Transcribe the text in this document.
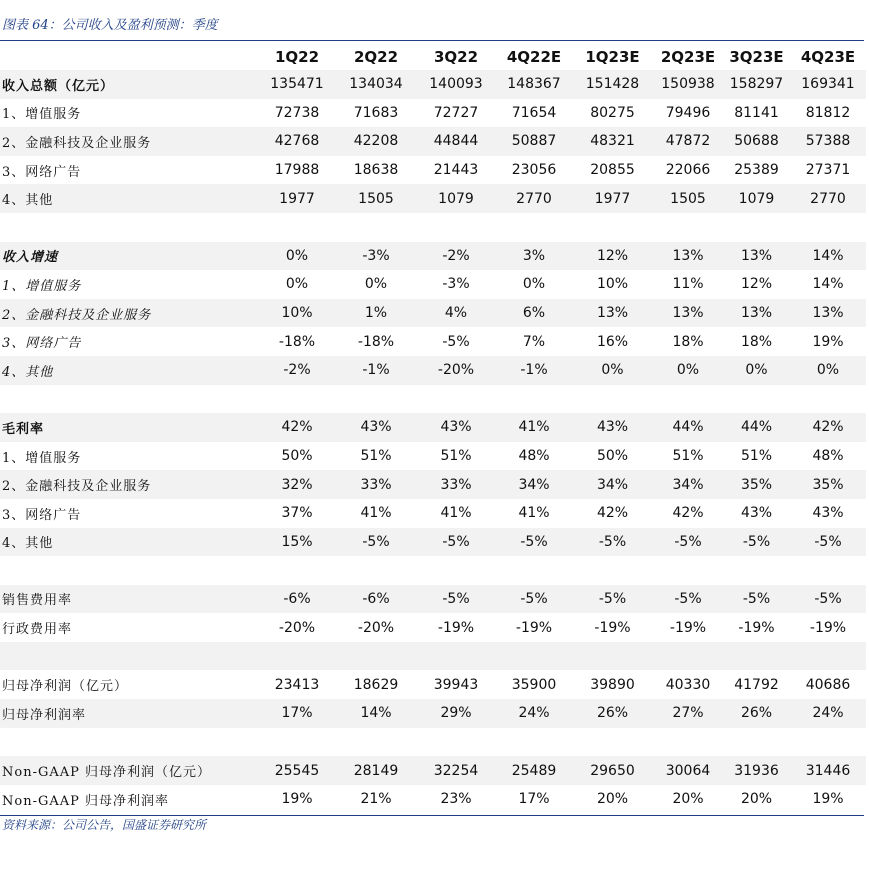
图表 64：公司收入及盈利预测：季度
	1Q22	2Q22	3Q22	4Q22E	1Q23E	2Q23E	3Q23E	4Q23E
收入总额（亿元）	135471	134034	140093	148367	151428	150938	158297	169341
1、增值服务	72738	71683	72727	71654	80275	79496	81141	81812
2、金融科技及企业服务	42768	42208	44844	50887	48321	47872	50688	57388
3、网络广告	17988	18638	21443	23056	20855	22066	25389	27371
4、其他	1977	1505	1079	2770	1977	1505	1079	2770

收入增速	0%	-3%	-2%	3%	12%	13%	13%	14%
1、增值服务	0%	0%	-3%	0%	10%	11%	12%	14%
2、金融科技及企业服务	10%	1%	4%	6%	13%	13%	13%	13%
3、网络广告	-18%	-18%	-5%	7%	16%	18%	18%	19%
4、其他	-2%	-1%	-20%	-1%	0%	0%	0%	0%

毛利率	42%	43%	43%	41%	43%	44%	44%	42%
1、增值服务	50%	51%	51%	48%	50%	51%	51%	48%
2、金融科技及企业服务	32%	33%	33%	34%	34%	34%	35%	35%
3、网络广告	37%	41%	41%	41%	42%	42%	43%	43%
4、其他	15%	-5%	-5%	-5%	-5%	-5%	-5%	-5%

销售费用率	-6%	-6%	-5%	-5%	-5%	-5%	-5%	-5%
行政费用率	-20%	-20%	-19%	-19%	-19%	-19%	-19%	-19%

归母净利润（亿元）	23413	18629	39943	35900	39890	40330	41792	40686
归母净利润率	17%	14%	29%	24%	26%	27%	26%	24%

Non-GAAP 归母净利润（亿元）	25545	28149	32254	25489	29650	30064	31936	31446
Non-GAAP 归母净利润率	19%	21%	23%	17%	20%	20%	20%	19%
资料来源：公司公告，国盛证券研究所
